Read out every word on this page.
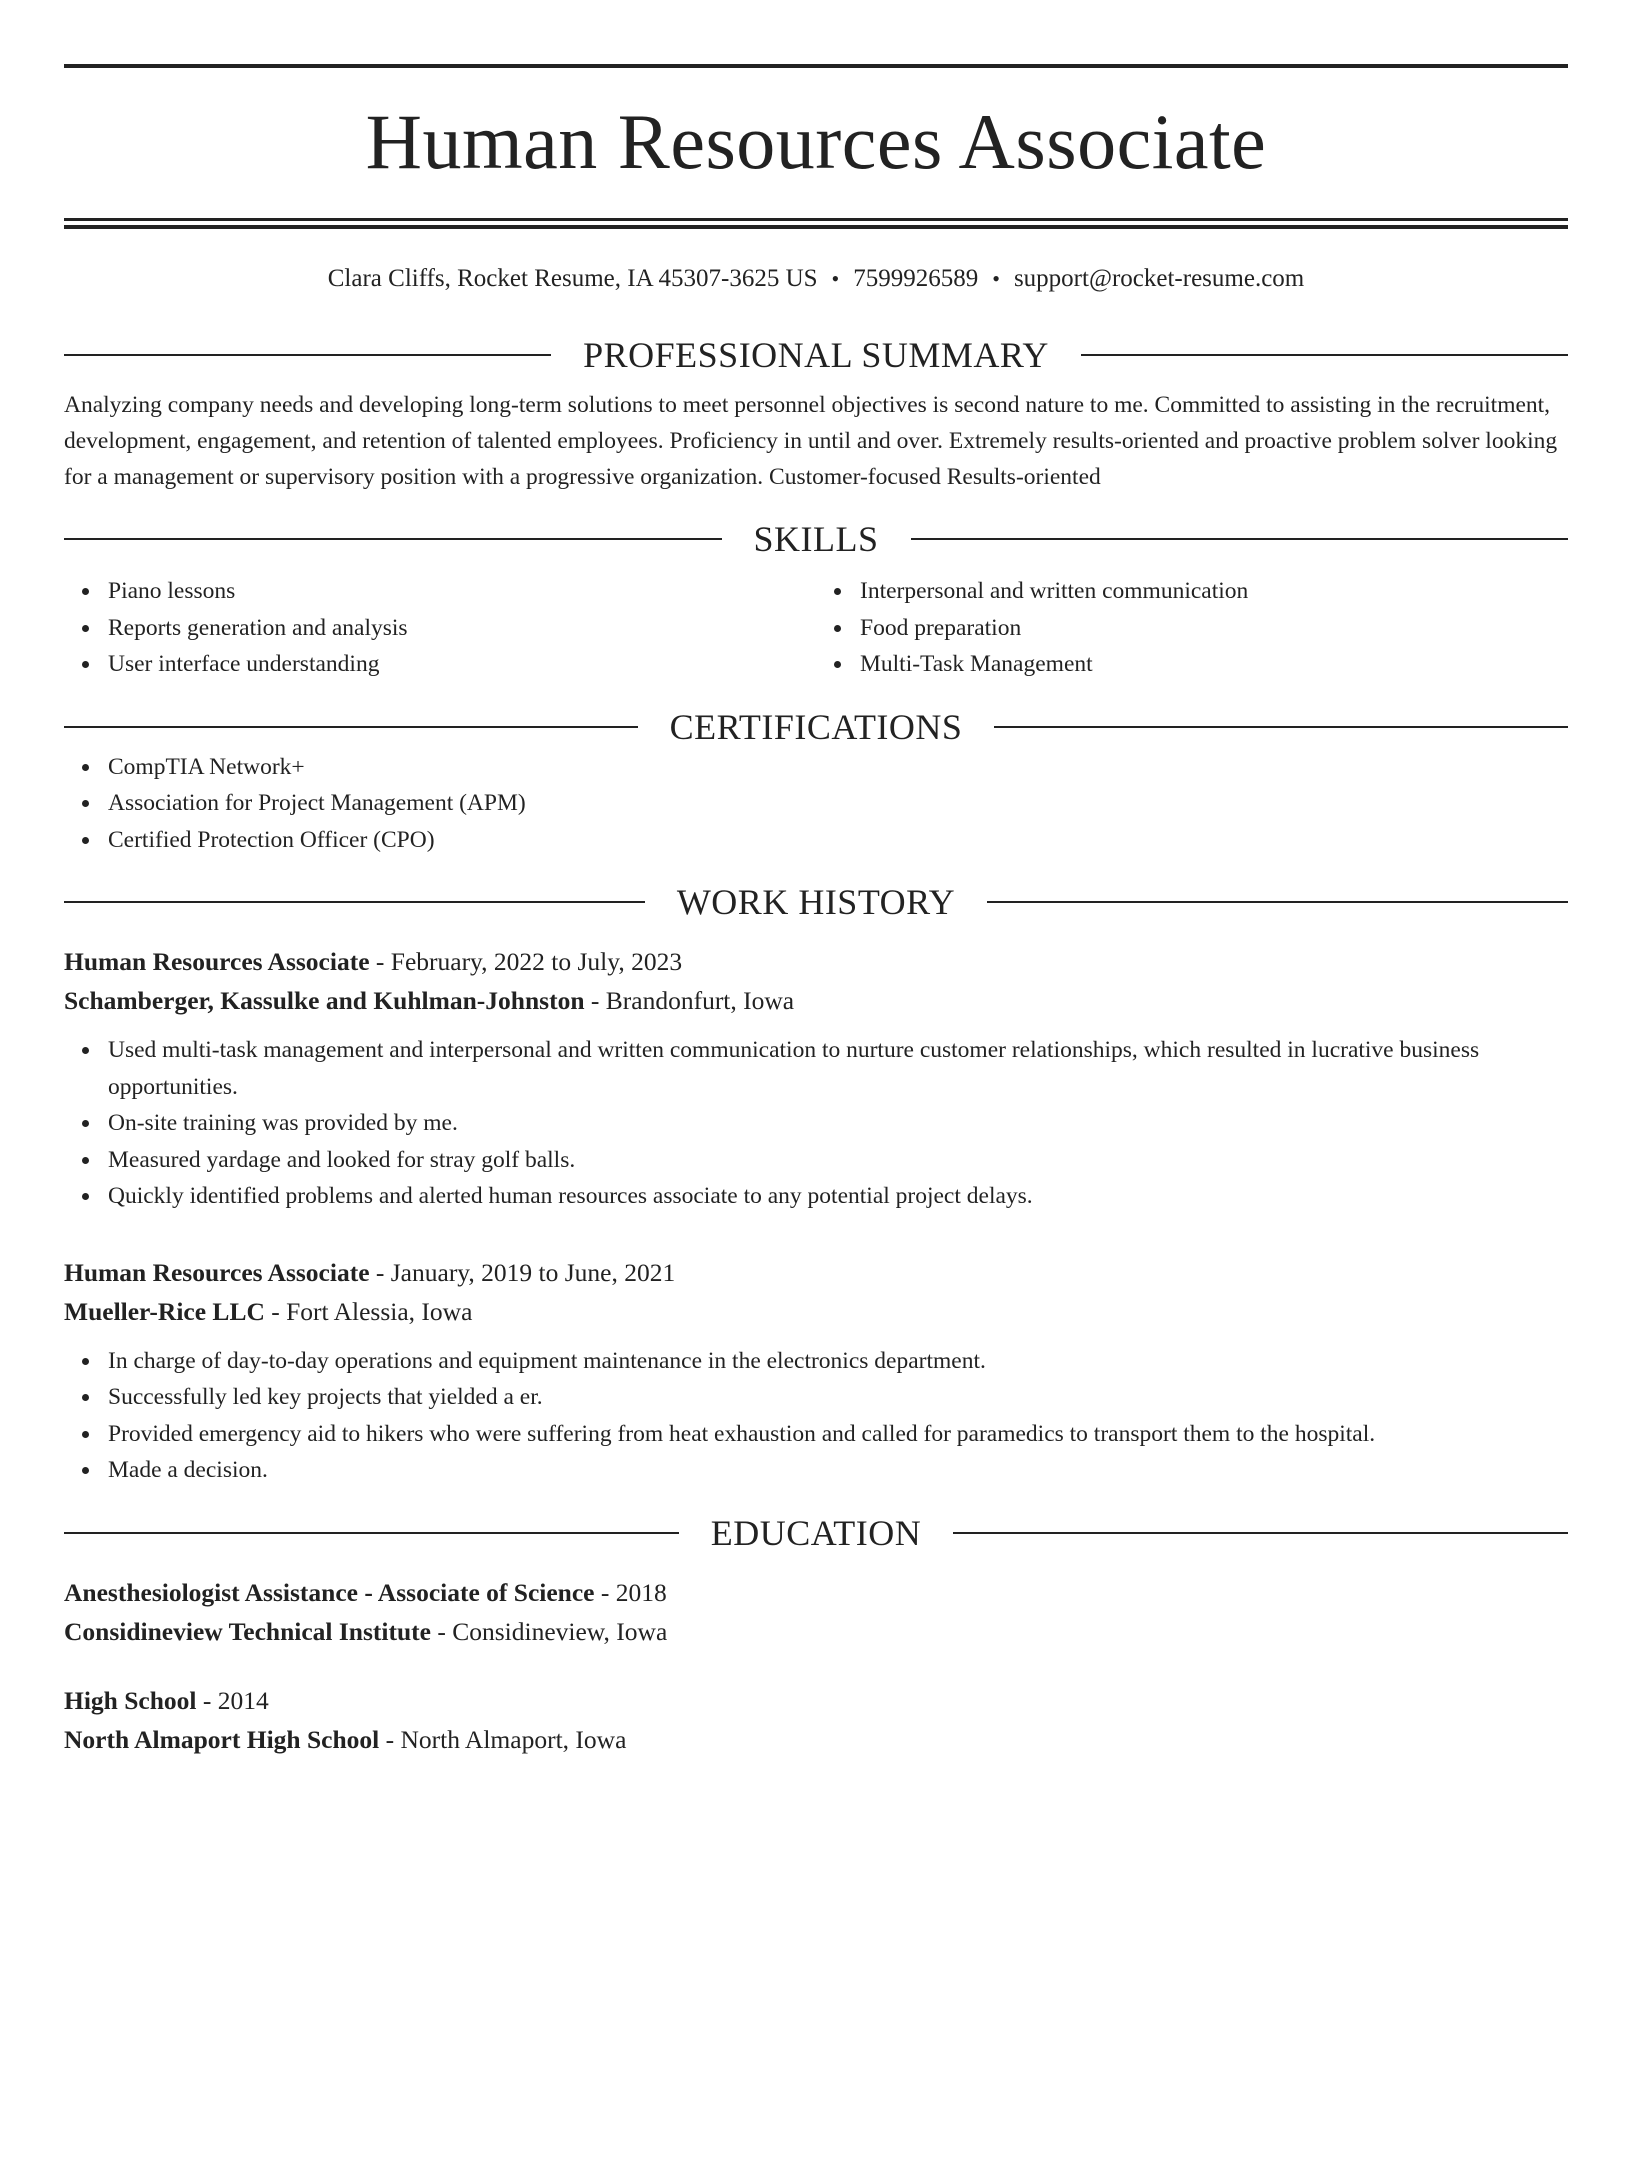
Human Resources Associate
Clara Cliffs, Rocket Resume, IA 45307-3625 US • 7599926589 • support@rocket-resume.com
PROFESSIONAL SUMMARY
Analyzing company needs and developing long-term solutions to meet personnel objectives is second nature to me. Committed to assisting in the recruitment, development, engagement, and retention of talented employees. Proficiency in until and over. Extremely results-oriented and proactive problem solver looking for a management or supervisory position with a progressive organization. Customer-focused Results-oriented
SKILLS
Piano lessons
Reports generation and analysis
User interface understanding
Interpersonal and written communication
Food preparation
Multi-Task Management
CERTIFICATIONS
CompTIA Network+
Association for Project Management (APM)
Certified Protection Officer (CPO)
WORK HISTORY
Human Resources Associate - February, 2022 to July, 2023
Schamberger, Kassulke and Kuhlman-Johnston - Brandonfurt, Iowa
Used multi-task management and interpersonal and written communication to nurture customer relationships, which resulted in lucrative business opportunities.
On-site training was provided by me.
Measured yardage and looked for stray golf balls.
Quickly identified problems and alerted human resources associate to any potential project delays.
Human Resources Associate - January, 2019 to June, 2021
Mueller-Rice LLC - Fort Alessia, Iowa
In charge of day-to-day operations and equipment maintenance in the electronics department.
Successfully led key projects that yielded a er.
Provided emergency aid to hikers who were suffering from heat exhaustion and called for paramedics to transport them to the hospital.
Made a decision.
EDUCATION
Anesthesiologist Assistance - Associate of Science - 2018
Considineview Technical Institute - Considineview, Iowa
High School - 2014
North Almaport High School - North Almaport, Iowa
